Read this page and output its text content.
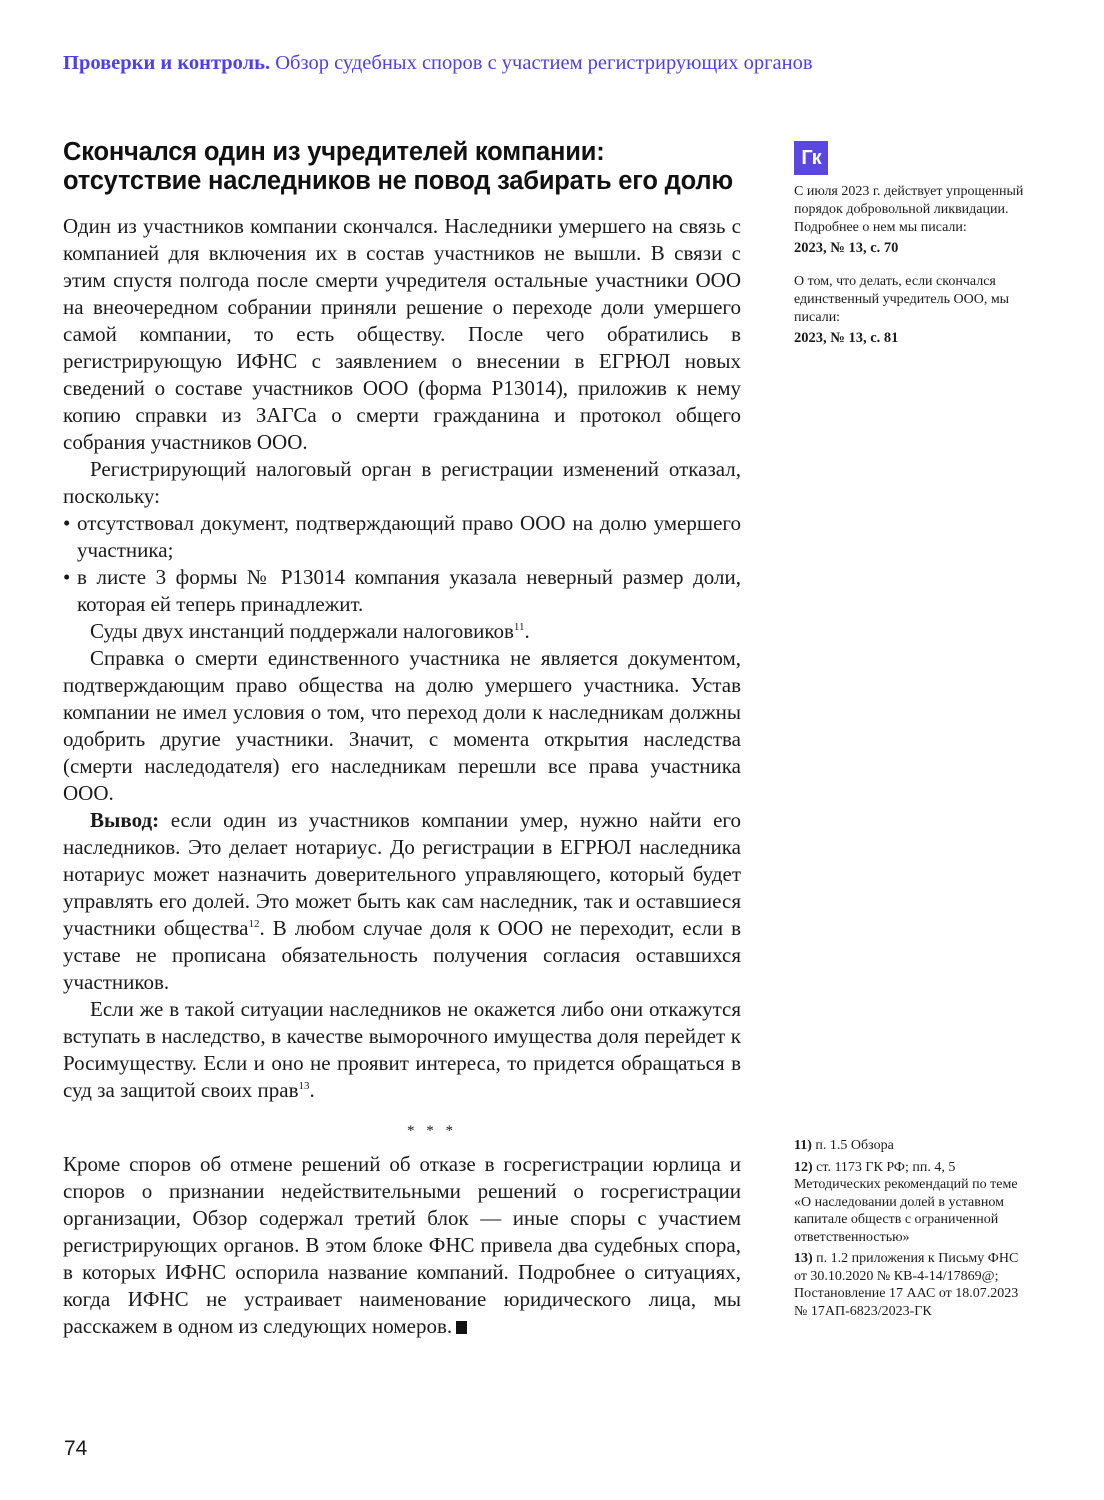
Проверки и контроль. Обзор судебных споров с участием регистрирующих органов
Скончался один из учредителей компании: отсутствие наследников не повод забирать его долю

Один из участников компании скончался. Наследники умершего на связь с компанией для включения их в состав участников не вышли. В связи с этим спустя полгода после смерти учредителя остальные участники ООО на внеочередном собрании приняли решение о переходе доли умершего самой компании, то есть обществу. После чего обратились в регистрирующую ИФНС с заявлением о внесении в ЕГРЮЛ новых сведений о составе участников ООО (форма Р13014), приложив к нему копию справки из ЗАГСа о смерти гражданина и протокол общего собрания участников ООО.

Регистрирующий налоговый орган в регистрации изменений отказал, поскольку:

• отсутствовал документ, подтверждающий право ООО на долю умершего участника;
• в листе 3 формы № Р13014 компания указала неверный размер доли, которая ей теперь принадлежит.

Суды двух инстанций поддержали налоговиков$^{11}$.

Справка о смерти единственного участника не является документом, подтверждающим право общества на долю умершего участника. Устав компании не имел условия о том, что переход доли к наследникам должны одобрить другие участники. Значит, с момента открытия наследства (смерти наследодателя) его наследникам перешли все права участника ООО.

Вывод: если один из участников компании умер, нужно найти его наследников. Это делает нотариус. До регистрации в ЕГРЮЛ наследника нотариус может назначить доверительного управляющего, который будет управлять его долей. Это может быть как сам наследник, так и оставшиеся участники общества$^{12}$. В любом случае доля к ООО не переходит, если в уставе не прописана обязательность получения согласия оставшихся участников.

Если же в такой ситуации наследников не окажется либо они откажутся вступать в наследство, в качестве выморочного имущества доля перейдет к Росимуществу. Если и оно не проявит интереса, то придется обращаться в суд за защитой своих прав$^{13}$.

* * *

Кроме споров об отмене решений об отказе в госрегистрации юрлица и споров о признании недействительными решений о госрегистрации организации, Обзор содержал третий блок — иные споры с участием регистрирующих органов. В этом блоке ФНС привела два судебных спора, в которых ИФНС оспорила название компаний. Подробнее о ситуациях, когда ИФНС не устраивает наименование юридического лица, мы расскажем в одном из следующих номеров.

Гк
С июля 2023 г. действует упрощенный порядок добровольной ликвидации. Подробнее о нем мы писали:
2023, № 13, с. 70
О том, что делать, если скончался единственный учредитель ООО, мы писали:
2023, № 13, с. 81
11) п. 1.5 Обзора
12) ст. 1173 ГК РФ; пп. 4, 5 Методических рекомендаций по теме «О наследовании долей в уставном капитале обществ с ограниченной ответственностью»
13) п. 1.2 приложения к Письму ФНС от 30.10.2020 № КВ-4-14/17869@; Постановление 17 ААС от 18.07.2023 № 17АП-6823/2023-ГК
74
